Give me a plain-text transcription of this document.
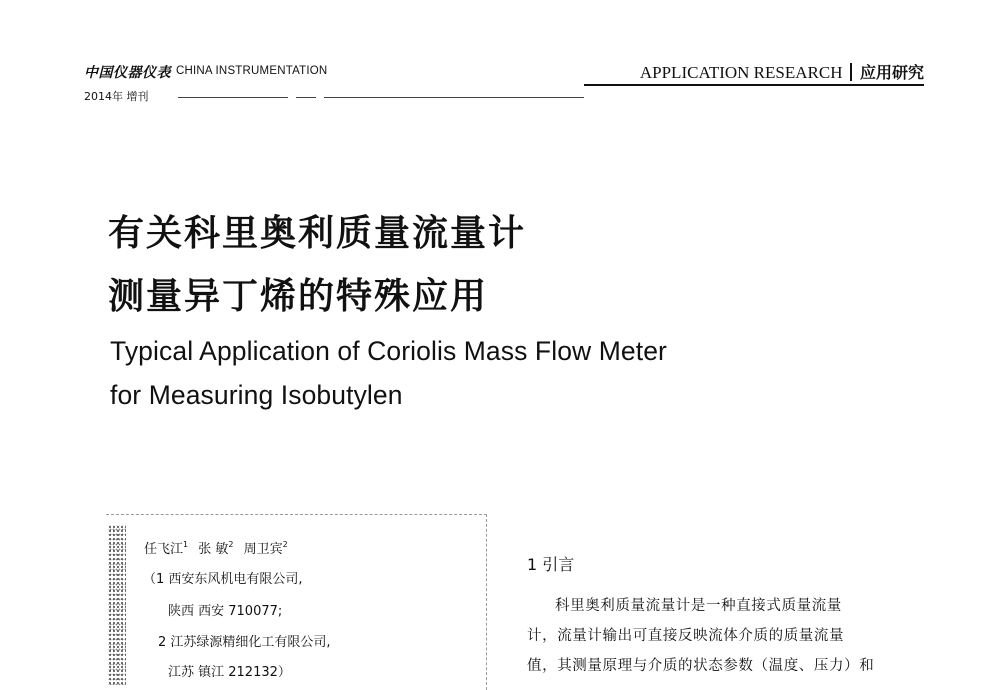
中国仪器仪表 CHINA INSTRUMENTATION
2014年 增刊
APPLICATION RESEARCH 应用研究
有关科里奥利质量流量计
测量异丁烯的特殊应用
Typical Application of Coriolis Mass Flow Meter
for Measuring Isobutylen
任飞江$^1$ 张 敏$^2$ 周卫宾$^2$
（1 西安东风机电有限公司,
陕西 西安 710077;
2 江苏绿源精细化工有限公司,
江苏 镇江 212132）
1 引言
科里奥利质量流量计是一种直接式质量流量
计，流量计输出可直接反映流体介质的质量流量
值，其测量原理与介质的状态参数（温度、压力）和
